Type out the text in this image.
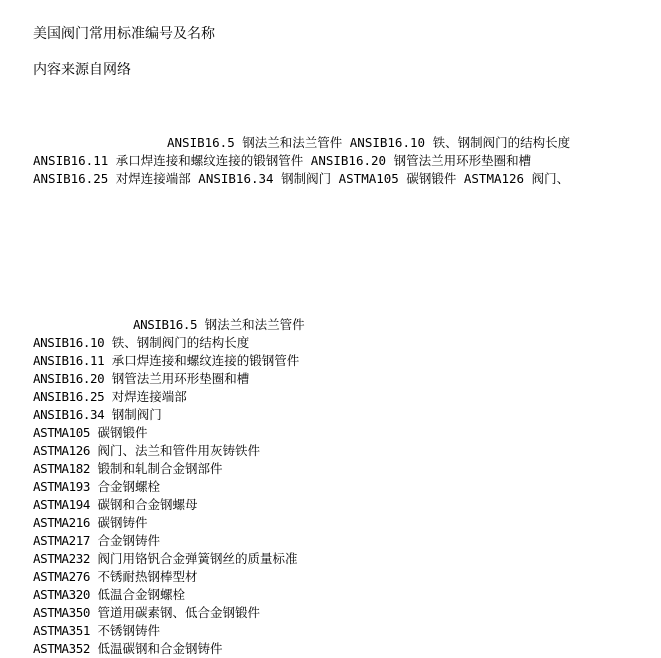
美国阀门常用标准编号及名称
内容来源自网络
ANSIB16.5 钢法兰和法兰管件 ANSIB16.10 铁、钢制阀门的结构长度
ANSIB16.11 承口焊连接和螺纹连接的锻钢管件 ANSIB16.20 钢管法兰用环形垫圈和槽
ANSIB16.25 对焊连接端部 ANSIB16.34 钢制阀门 ASTMA105 碳钢锻件 ASTMA126 阀门、
ANSIB16.5 钢法兰和法兰管件
ANSIB16.10 铁、钢制阀门的结构长度
ANSIB16.11 承口焊连接和螺纹连接的锻钢管件
ANSIB16.20 钢管法兰用环形垫圈和槽
ANSIB16.25 对焊连接端部
ANSIB16.34 钢制阀门
ASTMA105 碳钢锻件
ASTMA126 阀门、法兰和管件用灰铸铁件
ASTMA182 锻制和轧制合金钢部件
ASTMA193 合金钢螺栓
ASTMA194 碳钢和合金钢螺母
ASTMA216 碳钢铸件
ASTMA217 合金钢铸件
ASTMA232 阀门用铬钒合金弹簧钢丝的质量标准
ASTMA276 不锈耐热钢棒型材
ASTMA320 低温合金钢螺栓
ASTMA350 管道用碳素钢、低合金钢锻件
ASTMA351 不锈钢铸件
ASTMA352 低温碳钢和合金钢铸件
